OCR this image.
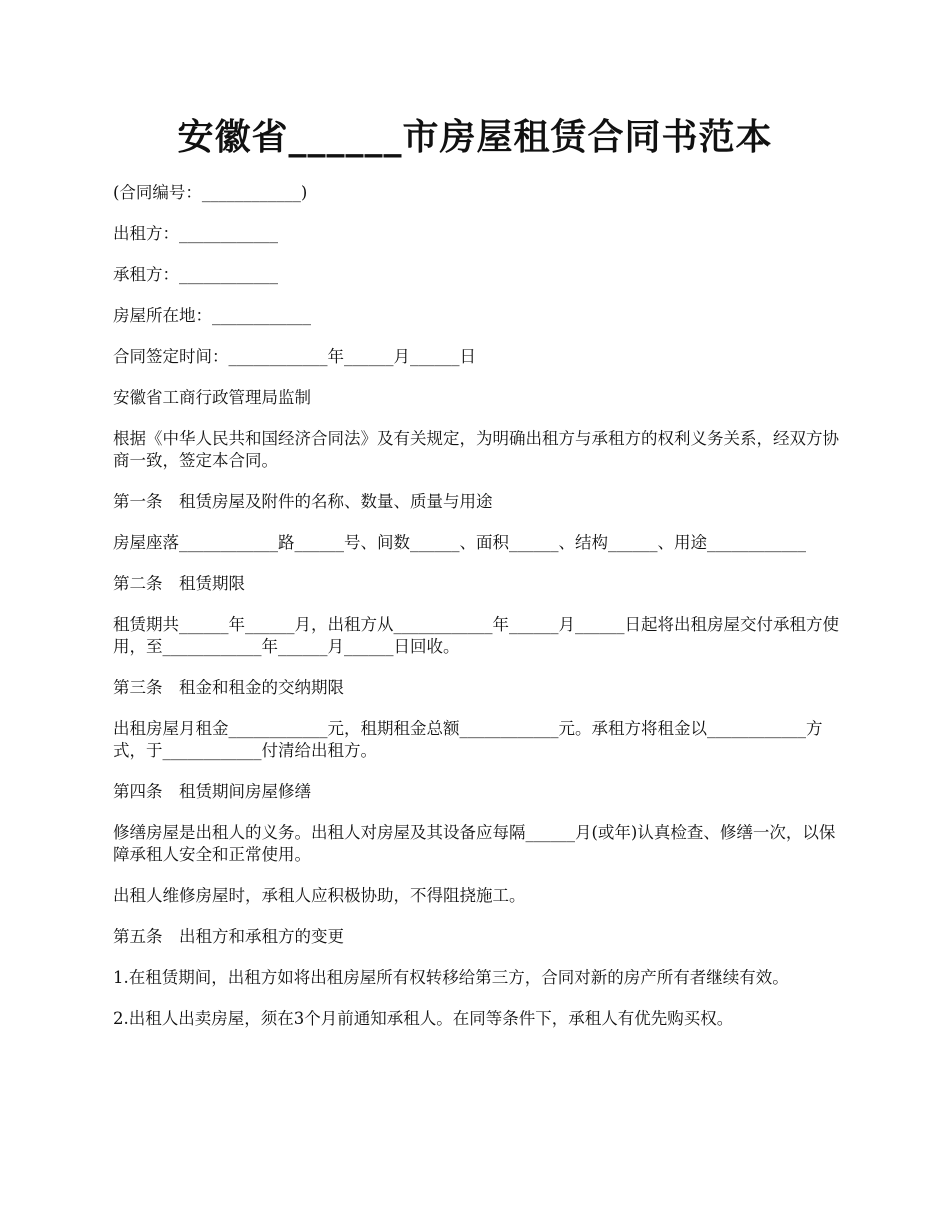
安徽省______市房屋租赁合同书范本

(合同编号：____________)

出租方：____________

承租方：____________

房屋所在地：____________

合同签定时间：____________年______月______日

安徽省工商行政管理局监制

根据《中华人民共和国经济合同法》及有关规定，为明确出租方与承租方的权利义务关系，经双方协商一致，签定本合同。

第一条　租赁房屋及附件的名称、数量、质量与用途

房屋座落____________路______号、间数______、面积______、结构______、用途____________

第二条　租赁期限

租赁期共______年______月，出租方从____________年______月______日起将出租房屋交付承租方使用，至____________年______月______日回收。

第三条　租金和租金的交纳期限

出租房屋月租金____________元，租期租金总额____________元。承租方将租金以____________方式，于____________付清给出租方。

第四条　租赁期间房屋修缮

修缮房屋是出租人的义务。出租人对房屋及其设备应每隔______月(或年)认真检查、修缮一次，以保障承租人安全和正常使用。

出租人维修房屋时，承租人应积极协助，不得阻挠施工。

第五条　出租方和承租方的变更

1.在租赁期间，出租方如将出租房屋所有权转移给第三方，合同对新的房产所有者继续有效。

2.出租人出卖房屋，须在3个月前通知承租人。在同等条件下，承租人有优先购买权。
